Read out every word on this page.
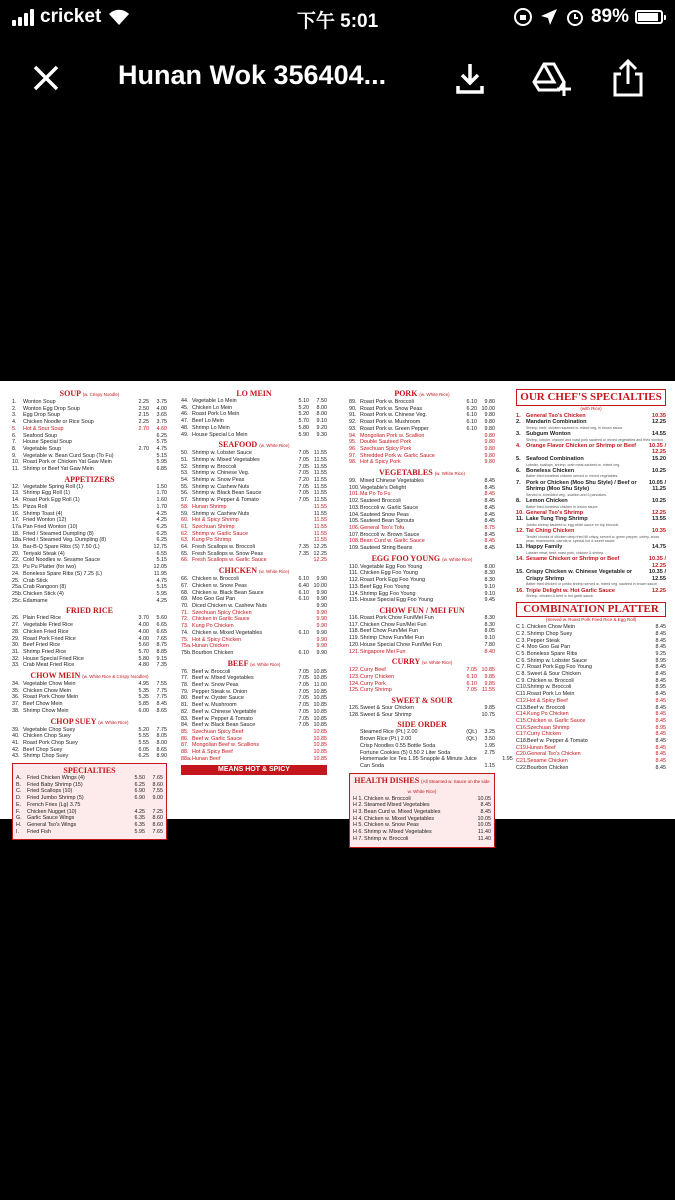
cricket	下午 5:01	89%
Hunan Wok 356404...
SOUP (w. Crispy Noodle)
1.	Wonton Soup	2.25	3.75
2.	Wonton Egg Drop Soup	2.50	4.00
3.	Egg Drop Soup	2.15	3.65
4.	Chicken Noodle or Rice Soup	2.25	3.75
5.	Hot & Sour Soup	2.70	4.60
6.	Seafood Soup	6.25
7.	House Special Soup	5.75
8.	Vegetable Soup	2.70	4.75
9.	Vegetable w. Bean Curd Soup (To Fu)	5.15
10. Roast Pork or Chicken Yat Gaw Mein	5.95
11. Shrimp or Beef Yat Gaw Mein	6.85
APPETIZERS
12. Vegetable Spring Roll (1)	1.50
13. Shrimp Egg Roll (1)	1.70
14. Roast Pork Egg Roll (1)	1.60
15. Pizza Roll	1.70
16. Shrimp Toast (4)	4.25
17. Fried Wonton (12)	4.25
17a. Pan Fried Wonton (10)	6.25
18. Fried / Steamed Dumpling (8)	6.25
18a. Fried / Steamed Veg. Dumpling (8)	6.25
19. Bar-B-Q Spare Ribs (S) 7.50 (L)	12.75
20. Teriyaki Steak (4)	6.55
22. Cold Noodles w. Sesame Sauce	5.15
23. Pu Pu Platter (for two)	12.05
24. Boneless Spare Ribs (S) 7.25 (L)	11.95
25. Crab Stick	4.75
25a. Crab Rangoon (8)	5.15
25b. Chicken Stick (4)	5.95
25c. Edamame	4.25
FRIED RICE
26. Plain Fried Rice	3.70	5.60
27. Vegetable Fried Rice	4.00	6.65
28. Chicken Fried Rice	4.00	6.65
29. Roast Pork Fried Rice	4.00	7.65
30. Beef Fried Rice	5.60	8.75
31. Shrimp Fried Rice	5.70	8.85
32. House Special Fried Rice	5.80	9.15
33. Crab Meat Fried Rice	4.80	7.35
CHOW MEIN (w. White Rice & Crispy Noodles)
34. Vegetable Chow Mein	4.95	7.55
35. Chicken Chow Mein	5.35	7.75
36. Roast Pork Chow Mein	5.35	7.75
37. Beef Chow Mein	5.85	8.45
38. Shrimp Chow Mein	6.00	8.65
CHOP SUEY (w. White Rice)
39. Vegetable Chop Suey	5.20	7.75
40. Chicken Chop Suey	5.55	8.05
41. Roast Pork Chop Suey	5.55	8.00
42. Beef Chop Suey	6.05	8.65
43. Shrimp Chop Suey	6.25	8.90
SPECIALTIES
A.	Fried Chicken Wings (4)	5.50	7.65
B.	Fried Baby Shrimp (15)	6.25	8.60
C.	Fried Scallops (10)	6.90	7.55
D.	Fried Jumbo Shrimp (5)	6.90	9.00
E.	French Fries (Lg) 3.75
F.	Chicken Nugget (10)	4.25	7.25
G. Garlic Sauce Wings	6.35	8.60
H.	General Tso's Wings	6.35	8.60
I.	Fried Fish	5.95	7.65
LO MEIN
44. Vegetable Lo Mein	5.10	7.50
45. Chicken Lo Mein	5.20	8.00
46. Roast Pork Lo Mein	5.20	8.00
47. Beef Lo Mein	5.70	9.10
48. Shrimp Lo Mein	5.80	9.20
49. House Special Lo Mein	5.90	9.30
SEAFOOD (w. White Rice)
50. Shrimp w. Lobster Sauce	7.05 11.55
51. Shrimp w. Mixed Vegetables	7.05 11.55
52. Shrimp w. Broccoli	7.05 11.55
53. Shrimp w. Chinese Veg.	7.05 11.55
54. Shrimp w. Snow Peas	7.20 11.55
55. Shrimp w. Cashew Nuts	7.05 11.55
56. Shrimp w. Black Bean Sauce	7.05 11.55
57. Shrimp w. Pepper & Tomato	7.05 11.55
58. Hunan Shrimp	11.55
59. Shrimp w. Cashew Nuts	11.55
60. Hot & Spicy Shrimp	11.55
61. Szechuan Shrimp	11.55
62. Shrimp w. Garlic Sauce	11.55
63. Kung Po Shrimp	11.55
64. Fresh Scallops w. Broccoli	7.35 12.25
65. Fresh Scallops w. Snow Peas	7.35 12.25
66. Fresh Scallops w. Garlic Sauce	12.25
CHICKEN (w. White Rice)
66. Chicken w. Broccoli	6.10	9.90
67. Chicken w. Snow Peas	6.40 10.00
68. Chicken w. Black Bean Sauce	6.10	9.90
69. Moo Goo Gai Pan	6.10	9.90
70. Diced Chicken w. Cashew Nuts	9.90
71. Szechuan Spicy Chicken	9.90
72. Chicken in Garlic Sauce	9.90
73. Kung Po Chicken	9.90
74. Chicken w. Mixed Vegetables	6.10	9.90
75. Hot & Spicy Chicken	9.90
75a. Hunan Chicken	9.90
75b. Bourbon Chicken	6.10	9.90
BEEF (w. White Rice)
76. Beef w. Broccoli	7.05 10.85
77. Beef w. Mixed Vegetables	7.05 10.85
78. Beef w. Snow Peas	7.05 11.00
79. Pepper Steak w. Onion	7.05 10.85
80. Beef w. Oyster Sauce	7.05 10.85
81. Beef w. Mushroom	7.05 10.85
82. Beef w. Chinese Vegetable	7.05 10.85
83. Beef w. Pepper & Tomato	7.05 10.85
84. Beef w. Black Bean Sauce	7.05 10.85
85. Szechuan Spicy Beef	10.85
86. Beef w. Garlic Sauce	10.85
87. Mongolian Beef w. Scallions	10.85
88. Hot & Spicy Beef	10.85
88a. Hunan Beef	10.85
MEANS HOT & SPICY
PORK (w. White Rice)
89. Roast Pork w. Broccoli	6.10	9.80
90. Roast Pork w. Snow Peas	6.20 10.00
91. Roast Pork w. Chinese Veg.	6.10	9.80
92. Roast Pork w. Mushroom	6.10	9.80
93. Roast Pork w. Green Pepper	6.10	9.80
94. Mongolian Pork w. Scallion	9.80
95. Double Sauteed Pork	9.80
96. Szechuan Spicy Pork	9.80
97. Shredded Pork w. Garlic Sauce	9.80
98. Hot & Spicy Pork	9.80
VEGETABLES (w. White Rice)
99. Mixed Chinese Vegetables	8.45
100. Vegetable's Delight	8.45
101. Ma Po To Fu	8.45
102. Sauteed Broccoli	8.45
103. Broccoli w. Garlic Sauce	8.45
104. Sauteed Snow Peas	8.45
105. Sauteed Bean Sprouts	8.45
106. General Tso's Tofu	8.75
107. Broccoli w. Brown Sauce	8.45
108. Bean Curd w. Garlic Sauce	8.45
109. Sauteed String Beans	8.45
EGG FOO YOUNG (w. White Rice)
110. Vegetable Egg Foo Young	8.00
111. Chicken Egg Foo Young	8.30
112. Roast Pork Egg Foo Young	8.30
113. Beef Egg Foo Young	9.10
114. Shrimp Egg Foo Young	9.10
115. House Special Egg Foo Young	9.45
CHOW FUN / MEI FUN
116. Roast Pork Chow Fun/Mei Fun	8.30
117. Chicken Chow Fun/Mei Fun	8.30
118. Beef Chow Fun/Mei Fun	8.05
119. Shrimp Chow Fun/Mei Fun	9.10
120. House Special Chow Fun/Mei Fun	7.80
121. Singapore Mei Fun	8.40
CURRY (w. White Rice)
122. Curry Beef	7.05 10.85
123. Curry Chicken	6.10	9.85
124. Curry Pork	6.10	9.85
125. Curry Shrimp	7.05 11.55
SWEET & SOUR
126. Sweet & Sour Chicken	9.85
128. Sweet & Sour Shrimp	10.75
SIDE ORDER
Steamed Rice (Pt.) 2.00	(Qt.)	3.25
Brown Rice (Pt.) 2.00	(Qt.)	3.50
Crisp Noodles 0.55 Bottle Soda	1.95
Fortune Cookies (5) 0.50 2 Liter Soda	2.75
Homemade Ice Tea 1.95 Snapple & Minute Juice	1.95
Can Soda	1.15
HEALTH DISHES (All Steamed w. Sauce on the side w. White Rice)
H 1. Chicken w. Broccoli	10.05
H 2. Steamed Mixed Vegetables	8.45
H 3. Bean Curd w. Mixed Vegetables	8.45
H 4. Chicken w. Mixed Vegetables	10.05
H 5. Chicken w. Snow Peas	10.05
H 6. Shrimp w. Mixed Vegetables	11.40
H 7. Shrimp w. Broccoli	11.40
OUR CHEF'S SPECIALTIES
(with Rice)
1. General Tso's Chicken	10.35
2. Mandarin Combination	12.25
Shrimp, beef, chicken sauteed w. mixed veg. in brown sauce.
3. Subgum Wonton	14.55
Shrimp, lobster, chicken and roast pork sauteed w. mixed vegetables and fried wonton.
4. Orange Flavor Chicken or Shrimp or Beef	10.35 / 12.25
5. Seafood Combination	15.20
Lobster, scallops, shrimp, crab meat sauteed w. mixed veg.
6. Boneless Chicken	10.25
Batter fried boneless chicken served w. mixed vegetables.
7. Pork or Chicken (Moo Shu Style) / Beef or Shrimp (Moo Shu Style)
10.05 / 11.25
Served w. shredded veg., scallion and 5 pancakes.
8. Lemon Chicken	10.25
Batter fried boneless chicken in lemon sauce.
10. General Tso's Shrimp	12.25
11. Lake Tung Ting Shrimp	13.55
Jumbo shrimp sauteed w. egg white sauce on top broccoli.
12. Tai Ching Chicken	10.35
Tender chunks of chicken deep fried till crispy, served w. green pepper, celery, snow peas, mushrooms, carrots w. special hot & sweet sauce.
13. Happy Family	14.75
Lobster meat, beef, roast pork, chicken & shrimp.
14. Sesame Chicken or Shrimp or Beef	10.35 / 12.25
15. Crispy Chicken w. Chinese Vegetable or Crispy Shrimp
10.35 / 12.55
Batter fried chicken or jumbo shrimp served w. mixed veg. sauteed in brown sauce.
16. Triple Delight w. Hot Garlic Sauce	12.25
Shrimp, chicken & beef in hot garlic sauce.
COMBINATION PLATTER
(Served w. Roast Pork Fried Rice & Egg Roll)
C 1. Chicken Chow Mein	8.45
C 2. Shrimp Chop Suey	8.45
C 3. Pepper Steak	8.45
C 4. Moo Goo Gai Pan	8.45
C 5. Boneless Spare Ribs	9.25
C 6. Shrimp w. Lobster Sauce	8.95
C 7. Roast Pork Egg Foo Young	8.45
C 8. Sweet & Sour Chicken	8.45
C 9. Chicken w. Broccoli	8.45
C10. Shrimp w. Broccoli	8.95
C11. Roast Pork Lo Mein	8.45
C12. Hot & Spicy Beef	8.45
C13. Beef w. Broccoli	8.45
C14. Kung Po Chicken	8.45
C15. Chicken w. Garlic Sauce	8.45
C16. Szechuan Shrimp	8.95
C17. Curry Chicken	8.45
C18. Beef w. Pepper & Tomato	8.45
C19. Hunan Beef	8.45
C20. General Tso's Chicken	8.45
C21. Sesame Chicken	8.45
C22. Bourbon Chicken	8.45
